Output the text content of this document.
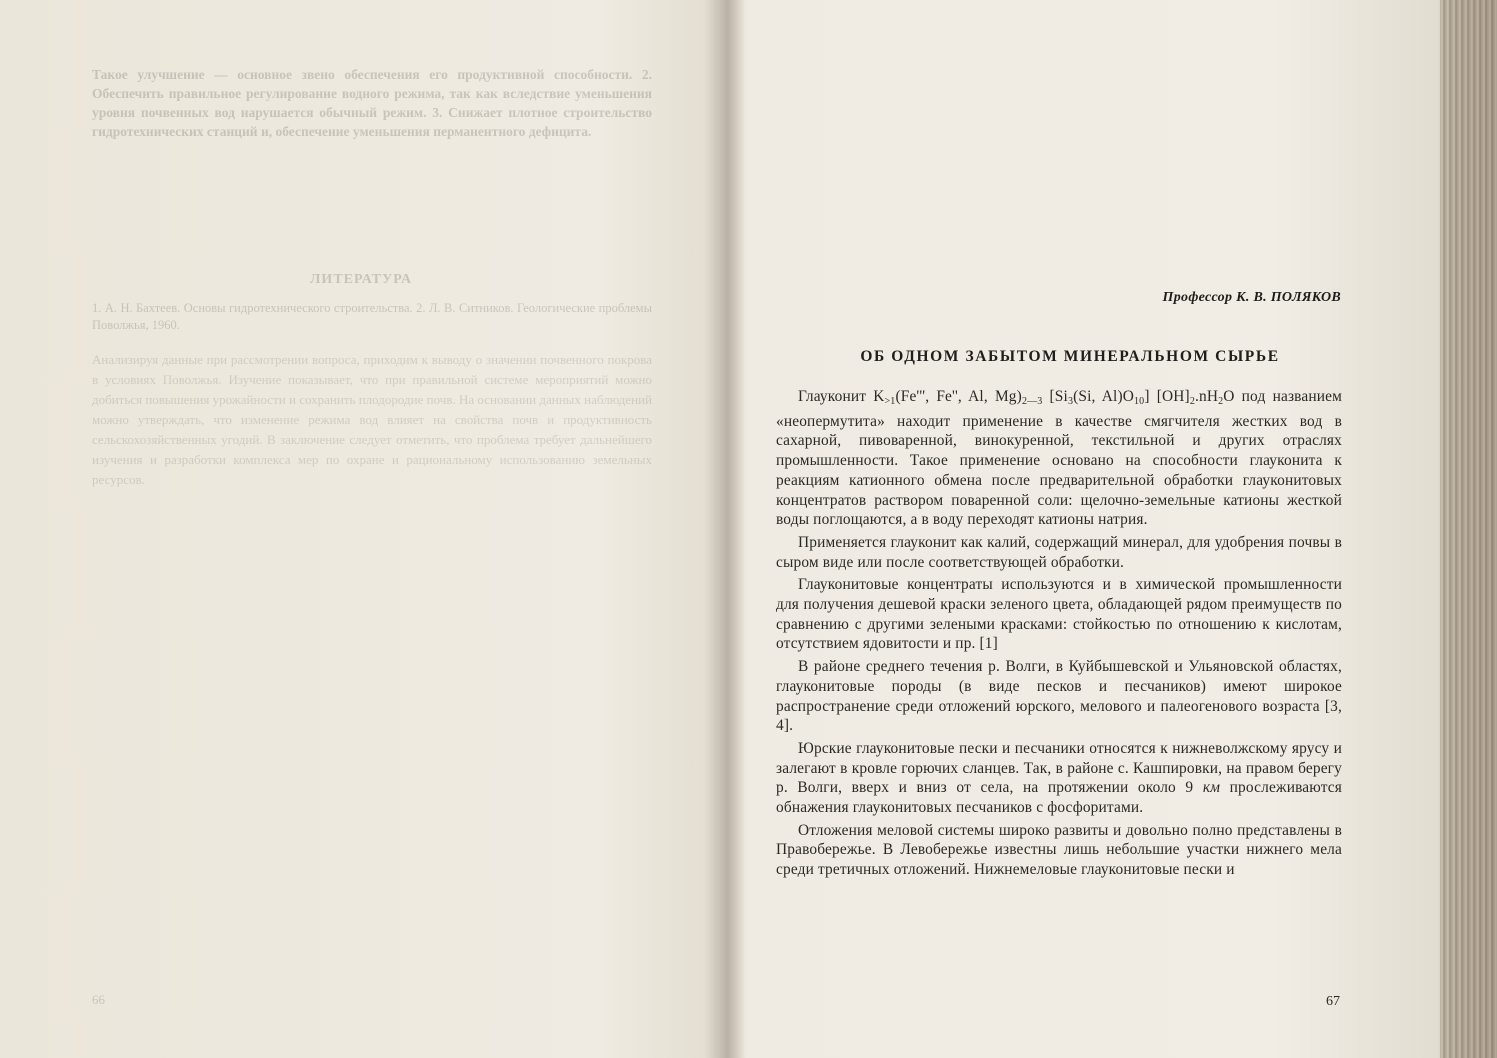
Такое улучшение — основное звено обеспечения его продуктивной способности. 2. Обеспечить правильное регулирование водного режима, так как вследствие уменьшения уровня почвенных вод нарушается обычный режим. 3. Снижает плотное строительство гидротехнических станций и, обеспечение уменьшения перманентного дефицита.
ЛИТЕРАТУРА
1. А. Н. Бахтеев. Основы гидротехнического строительства. 2. Л. В. Ситников. Геологические проблемы Поволжья, 1960.
Анализируя данные при рассмотрении вопроса, приходим к выводу о значении почвенного покрова в условиях Поволжья. Изучение показывает, что при правильной системе мероприятий можно добиться повышения урожайности и сохранить плодородие почв. На основании данных наблюдений можно утверждать, что изменение режима вод влияет на свойства почв и продуктивность сельскохозяйственных угодий. В заключение следует отметить, что проблема требует дальнейшего изучения и разработки комплекса мер по охране и рациональному использованию земельных ресурсов.
66
Профессор К. В. ПОЛЯКОВ
ОБ ОДНОМ ЗАБЫТОМ МИНЕРАЛЬНОМ СЫРЬЕ

Глауконит $K_{>1}(Fe'''$, Fe'', Al, $Mg)_{2—3}$ [$Si_3(Si$, $Al)O_{10}$] $[OH]_2.nH_2O$ под названием «неопермутита» находит применение в качестве смягчителя жестких вод в сахарной, пивоваренной, винокуренной, текстильной и других отраслях промышленности. Такое применение основано на способности глауконита к реакциям катионного обмена после предварительной обработки глауконитовых концентратов раствором поваренной соли: щелочно-земельные катионы жесткой воды поглощаются, а в воду переходят катионы натрия.

Применяется глауконит как калий, содержащий минерал, для удобрения почвы в сыром виде или после соответствующей обработки.

Глауконитовые концентраты используются и в химической промышленности для получения дешевой краски зеленого цвета, обладающей рядом преимуществ по сравнению с другими зелеными красками: стойкостью по отношению к кислотам, отсутствием ядовитости и пр. [1]

В районе среднего течения р. Волги, в Куйбышевской и Ульяновской областях, глауконитовые породы (в виде песков и песчаников) имеют широкое распространение среди отложений юрского, мелового и палеогенового возраста [3, 4].

Юрские глауконитовые пески и песчаники относятся к нижневолжскому ярусу и залегают в кровле горючих сланцев. Так, в районе с. Кашпировки, на правом берегу р. Волги, вверх и вниз от села, на протяжении около 9 км прослеживаются обнажения глауконитовых песчаников с фосфоритами.

Отложения меловой системы широко развиты и довольно полно представлены в Правобережье. В Левобережье известны лишь небольшие участки нижнего мела среди третичных отложений. Нижнемеловые глауконитовые пески и

67
